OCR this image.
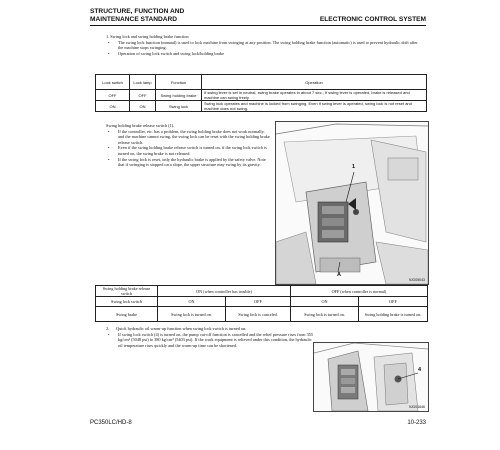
STRUCTURE, FUNCTION AND
MAINTENANCE STANDARD	ELECTRONIC CONTROL SYSTEM

1. Swing lock and swing holding brake function

• The swing lock function (manual) is used to lock machine from swinging at any position. The swing holding brake function (automatic) is used to prevent hydraulic drift after the machine stops swinging.

• Operation of swing lock switch and swing lock/holding brake

Lock switch	Lock lamp	Function	Operation
OFF	OFF	Swing holding brake	If swing lever is set in neutral, swing brake operates in about 7 sec.; If swing lever is operated, brake is released and machine can swing freely.
ON	ON	Swing lock	Swing lock operates and machine is locked from swinging. Even if swing lever is operated, swing lock is not reset and machine does not swing.

Swing holding brake release switch (1).

• If the controller, etc. has a problem, the swing holding brake does not work normally, and the machine cannot swing, the swing lock can be reset with the swing holding brake release switch.

• Even if the swing holding brake release switch is turned on, if the swing lock switch is turned on, the swing brake is not released.

• If the swing lock is reset, only the hydraulic brake is applied by the safety valve. Note that if swinging is stopped on a slope, the upper structure may swing by its gravity.	1
A
9JG05043
Swing holding brake release switch	ON (when controller has trouble)		OFF (when controller is normal)	
Swing lock switch	ON	OFF	ON	OFF
Swing brake	Swing lock is turned on.	Swing lock is canceled.	Swing lock is turned on.	Swing holding brake is turned on.

2. Quick hydraulic oil warm-up function when swing lock switch is turned on.

• If swing lock switch (4) is turned on, the pump cut-off function is cancelled and the relief pressure rises from 355 kg/cm² (5048 psi) to 380 kg/cm² (5403 psi). If the work equipment is relieved under this condition, the hydraulic oil temperature rises quickly and the warm-up time can be shortened.

4
9JG01646
PC350LC/HD-8	10-233
